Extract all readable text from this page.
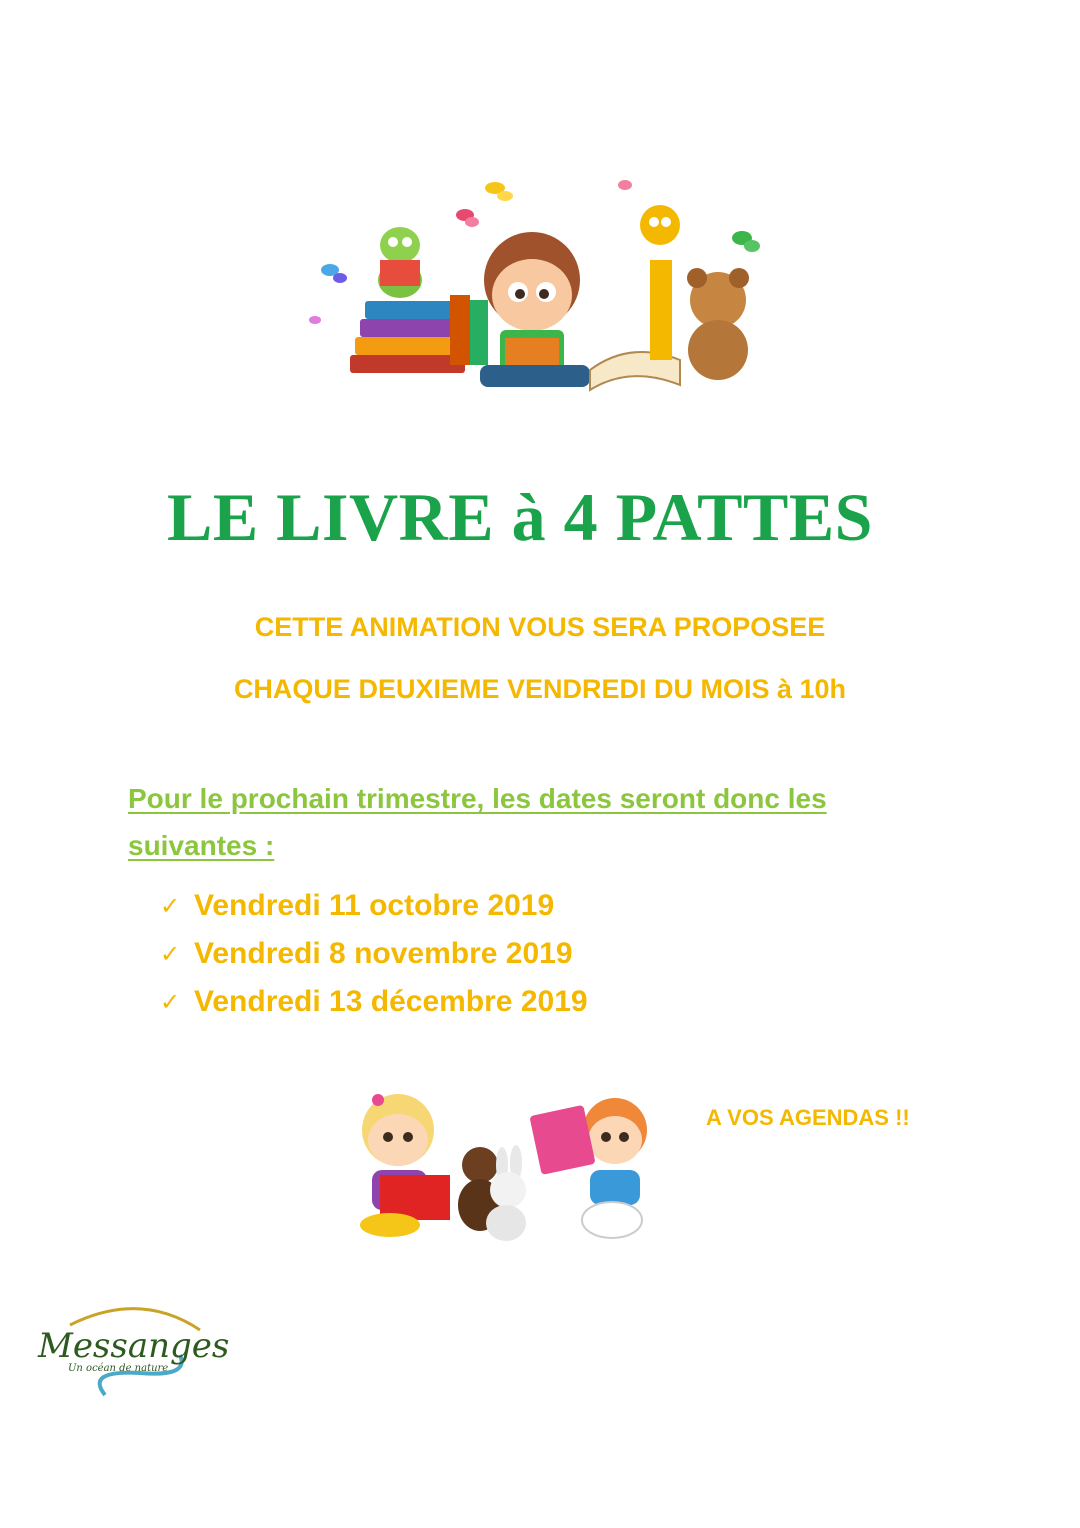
LE LIVRE à 4 PATTES

CETTE ANIMATION VOUS SERA PROPOSEE

CHAQUE DEUXIEME VENDREDI DU MOIS à 10h

Pour le prochain trimestre, les dates seront donc les suivantes :

✓ Vendredi 11 octobre 2019
✓ Vendredi 8 novembre 2019
✓ Vendredi 13 décembre 2019

A VOS AGENDAS !!

Messanges
Un océan de nature
